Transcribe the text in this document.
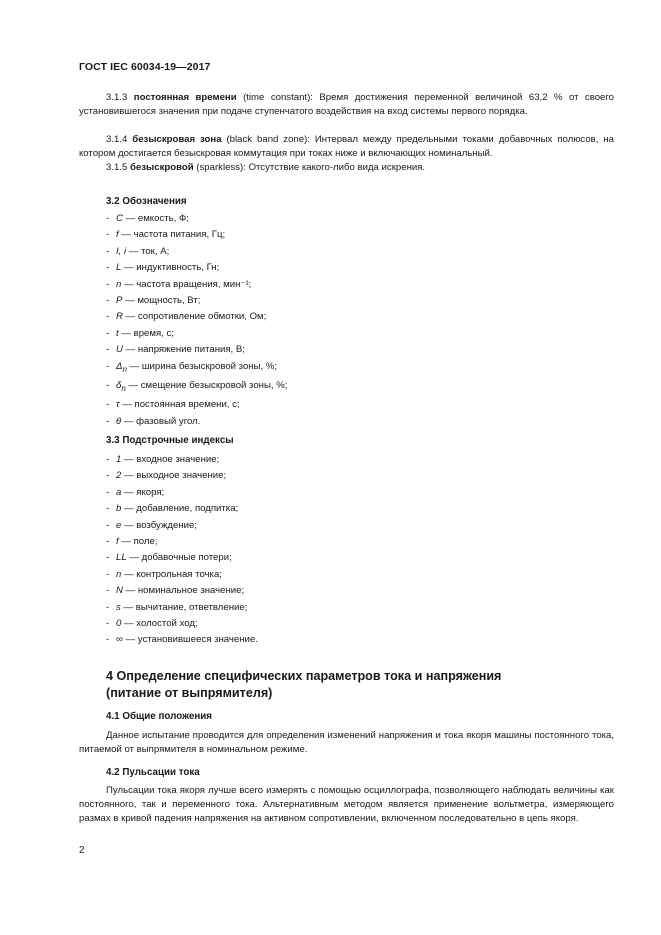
ГОСТ IEC 60034-19—2017
3.1.3 постоянная времени (time constant): Время достижения переменной величиной 63,2 % от своего установившегося значения при подаче ступенчатого воздействия на вход системы первого порядка.
3.1.4 безыскровая зона (black band zone): Интервал между предельными токами добавочных полюсов, на котором достигается безыскровая коммутация при токах ниже и включающих номинальный.
3.1.5 безыскровой (sparkless): Отсутствие какого-либо вида искрения.
3.2 Обозначения
- C — емкость, Ф;
- f — частота питания, Гц;
- I, i — ток, А;
- L — индуктивность, Гн;
- n — частота вращения, мин⁻¹;
- P — мощность, Вт;
- R — сопротивление обмотки, Ом;
- t — время, с;
- U — напряжение питания, В;
- $\Delta_n$ — ширина безыскровой зоны, %;
- $\delta_n$ — смещение безыскровой зоны, %;
- τ — постоянная времени, с;
- θ — фазовый угол.
3.3 Подстрочные индексы
- 1 — входное значение;
- 2 — выходное значение;
- a — якоря;
- b — добавление, подпитка;
- e — возбуждение;
- f — поле;
- LL — добавочные потери;
- n — контрольная точка;
- N — номинальное значение;
- s — вычитание, ответвление;
- 0 — холостой ход;
- ∞ — установившееся значение.
4 Определение специфических параметров тока и напряжения
(питание от выпрямителя)
4.1 Общие положения
Данное испытание проводится для определения изменений напряжения и тока якоря машины постоянного тока, питаемой от выпрямителя в номинальном режиме.
4.2 Пульсации тока
Пульсации тока якоря лучше всего измерять с помощью осциллографа, позволяющего наблюдать величины как постоянного, так и переменного тока. Альтернативным методом является применение вольтметра, измеряющего размах в кривой падения напряжения на активном сопротивлении, включенном последовательно в цепь якоря.
2
